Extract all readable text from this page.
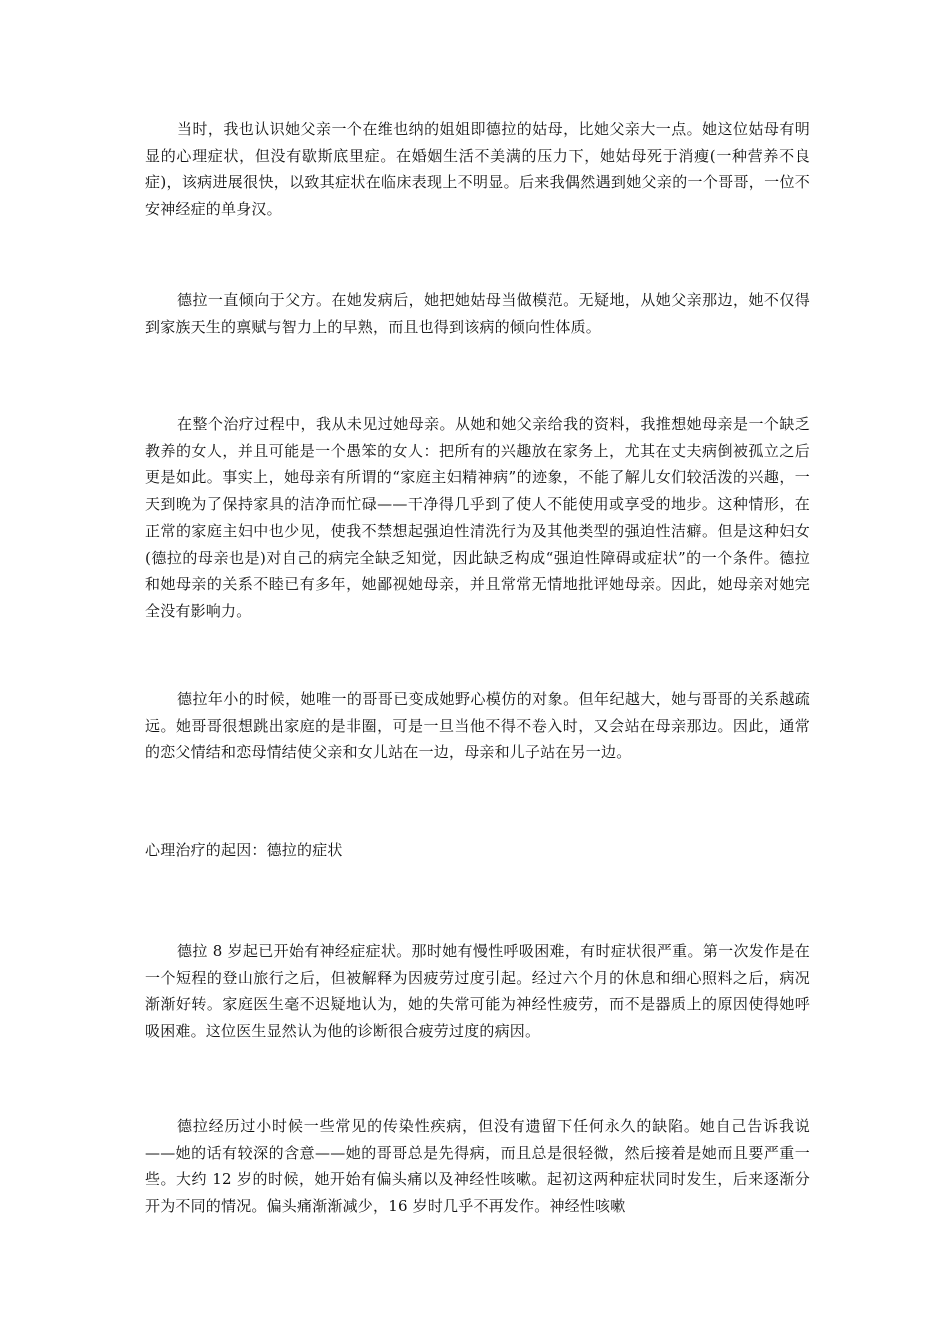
当时，我也认识她父亲一个在维也纳的姐姐即德拉的姑母，比她父亲大一点。她这位姑母有明显的心理症状，但没有歇斯底里症。在婚姻生活不美满的压力下，她姑母死于消瘦(一种营养不良症)，该病进展很快，以致其症状在临床表现上不明显。后来我偶然遇到她父亲的一个哥哥，一位不安神经症的单身汉。

德拉一直倾向于父方。在她发病后，她把她姑母当做模范。无疑地，从她父亲那边，她不仅得到家族天生的禀赋与智力上的早熟，而且也得到该病的倾向性体质。

在整个治疗过程中，我从未见过她母亲。从她和她父亲给我的资料，我推想她母亲是一个缺乏教养的女人，并且可能是一个愚笨的女人：把所有的兴趣放在家务上，尤其在丈夫病倒被孤立之后更是如此。事实上，她母亲有所谓的“家庭主妇精神病”的迹象，不能了解儿女们较活泼的兴趣，一天到晚为了保持家具的洁净而忙碌——干净得几乎到了使人不能使用或享受的地步。这种情形，在正常的家庭主妇中也少见，使我不禁想起强迫性清洗行为及其他类型的强迫性洁癖。但是这种妇女(德拉的母亲也是)对自己的病完全缺乏知觉，因此缺乏构成“强迫性障碍或症状”的一个条件。德拉和她母亲的关系不睦已有多年，她鄙视她母亲，并且常常无情地批评她母亲。因此，她母亲对她完全没有影响力。

德拉年小的时候，她唯一的哥哥已变成她野心模仿的对象。但年纪越大，她与哥哥的关系越疏远。她哥哥很想跳出家庭的是非圈，可是一旦当他不得不卷入时，又会站在母亲那边。因此，通常的恋父情结和恋母情结使父亲和女儿站在一边，母亲和儿子站在另一边。

心理治疗的起因：德拉的症状

德拉 8 岁起已开始有神经症症状。那时她有慢性呼吸困难，有时症状很严重。第一次发作是在一个短程的登山旅行之后，但被解释为因疲劳过度引起。经过六个月的休息和细心照料之后，病况渐渐好转。家庭医生毫不迟疑地认为，她的失常可能为神经性疲劳，而不是器质上的原因使得她呼吸困难。这位医生显然认为他的诊断很合疲劳过度的病因。

德拉经历过小时候一些常见的传染性疾病，但没有遗留下任何永久的缺陷。她自己告诉我说——她的话有较深的含意——她的哥哥总是先得病，而且总是很轻微，然后接着是她而且要严重一些。大约 12 岁的时候，她开始有偏头痛以及神经性咳嗽。起初这两种症状同时发生，后来逐渐分开为不同的情况。偏头痛渐渐减少，16 岁时几乎不再发作。神经性咳嗽
